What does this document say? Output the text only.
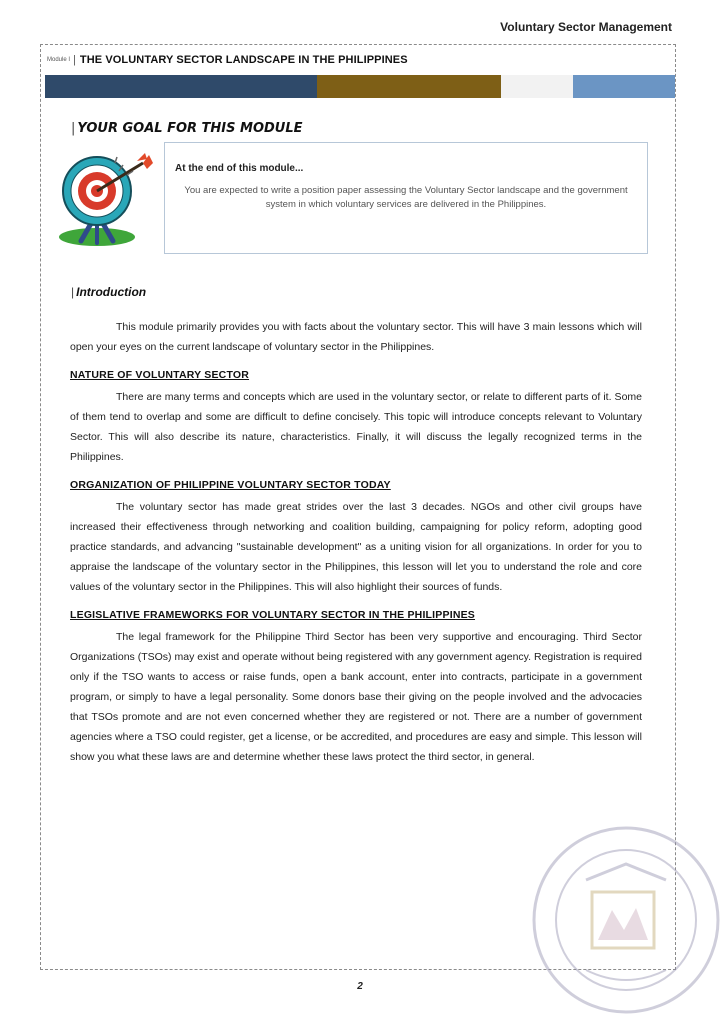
Voluntary Sector Management
Module I | THE VOLUNTARY SECTOR LANDSCAPE IN THE PHILIPPINES
| YOUR GOAL FOR THIS MODULE
At the end of this module...
You are expected to write a position paper assessing the Voluntary Sector landscape and the government system in which voluntary services are delivered in the Philippines.
| Introduction

This module primarily provides you with facts about the voluntary sector. This will have 3 main lessons which will open your eyes on the current landscape of voluntary sector in the Philippines.

NATURE OF VOLUNTARY SECTOR

There are many terms and concepts which are used in the voluntary sector, or relate to different parts of it. Some of them tend to overlap and some are difficult to define concisely. This topic will introduce concepts relevant to Voluntary Sector. This will also describe its nature, characteristics. Finally, it will discuss the legally recognized terms in the Philippines.

ORGANIZATION OF PHILIPPINE VOLUNTARY SECTOR TODAY

The voluntary sector has made great strides over the last 3 decades. NGOs and other civil groups have increased their effectiveness through networking and coalition building, campaigning for policy reform, adopting good practice standards, and advancing "sustainable development" as a uniting vision for all organizations. In order for you to appraise the landscape of the voluntary sector in the Philippines, this lesson will let you to understand the role and core values of the voluntary sector in the Philippines. This will also highlight their sources of funds.

LEGISLATIVE FRAMEWORKS FOR VOLUNTARY SECTOR IN THE PHILIPPINES

The legal framework for the Philippine Third Sector has been very supportive and encouraging. Third Sector Organizations (TSOs) may exist and operate without being registered with any government agency. Registration is required only if the TSO wants to access or raise funds, open a bank account, enter into contracts, participate in a government program, or simply to have a legal personality. Some donors base their giving on the people involved and the advocacies that TSOs promote and are not even concerned whether they are registered or not. There are a number of government agencies where a TSO could register, get a license, or be accredited, and procedures are easy and simple. This lesson will show you what these laws are and determine whether these laws protect the third sector, in general.

2
